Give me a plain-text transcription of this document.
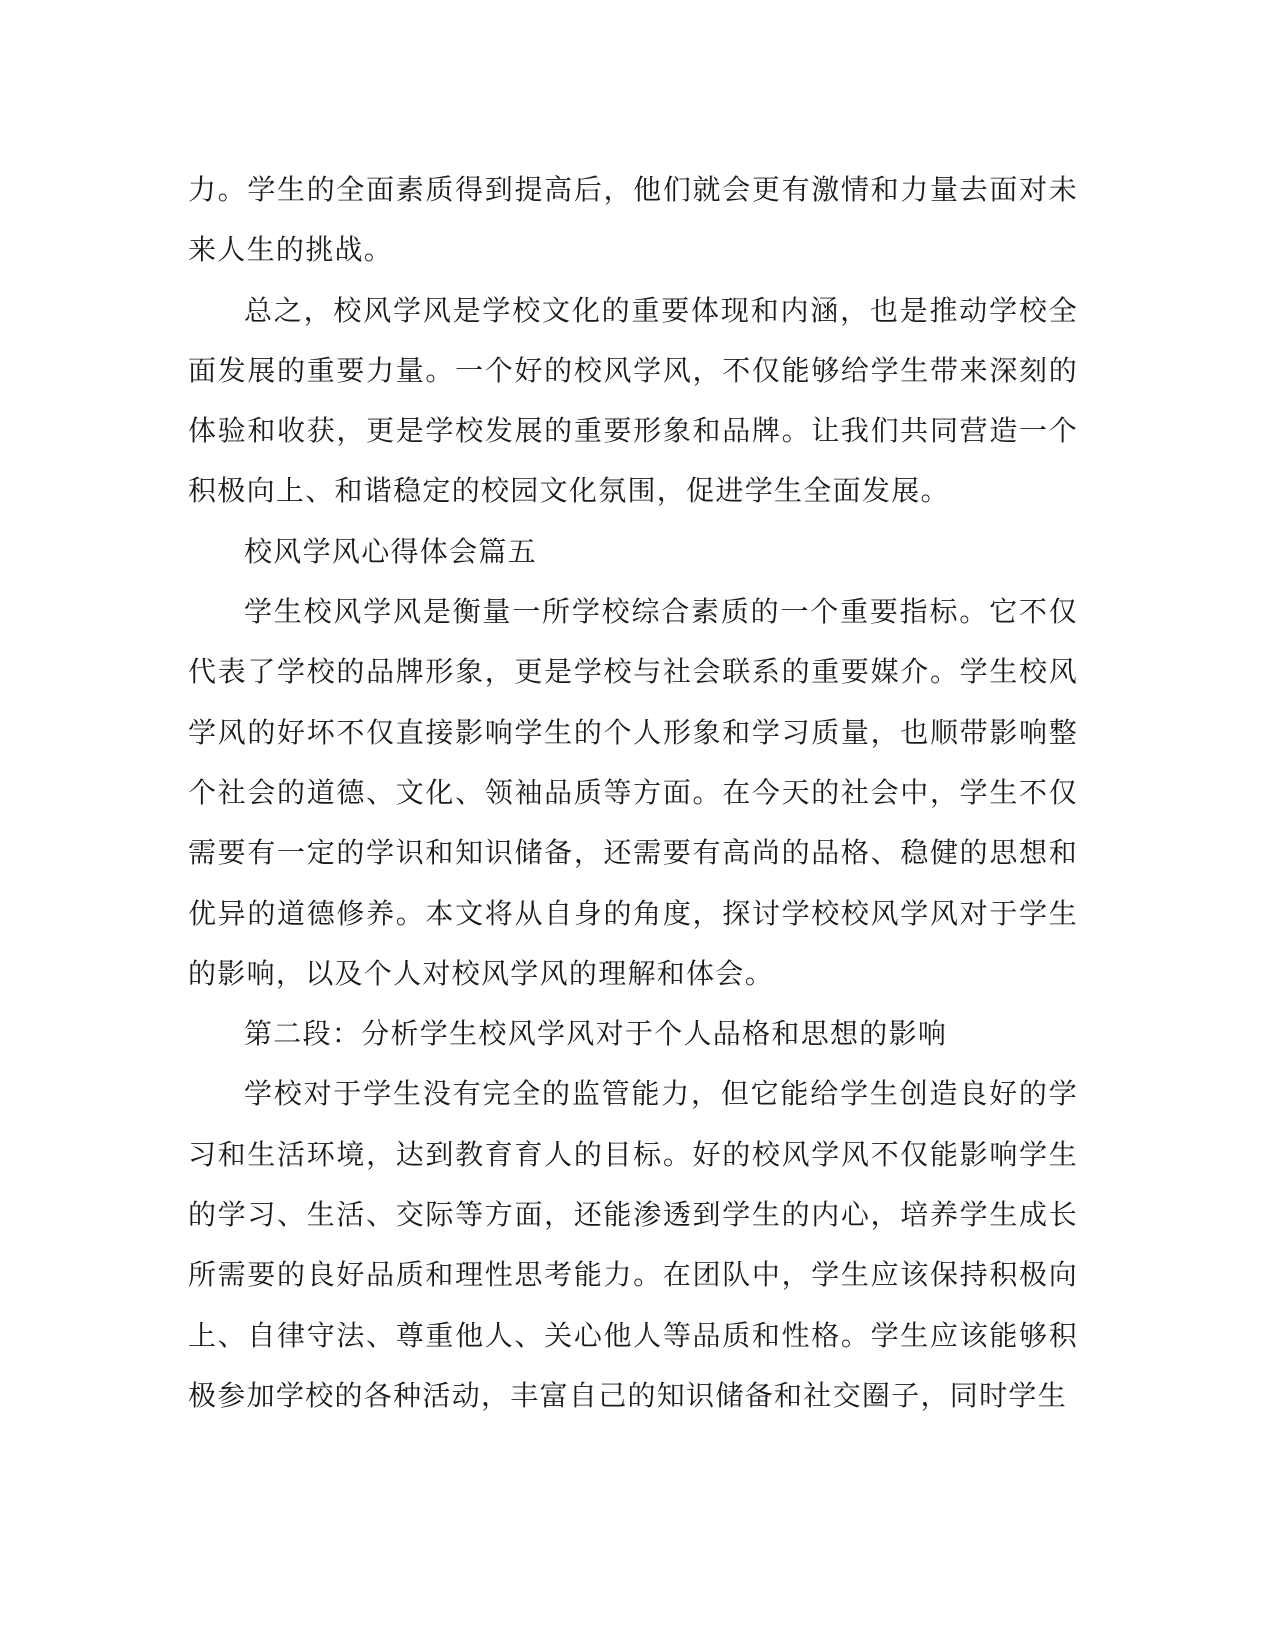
力。学生的全面素质得到提高后，他们就会更有激情和力量去面对未来人生的挑战。

总之，校风学风是学校文化的重要体现和内涵，也是推动学校全面发展的重要力量。一个好的校风学风，不仅能够给学生带来深刻的体验和收获，更是学校发展的重要形象和品牌。让我们共同营造一个积极向上、和谐稳定的校园文化氛围，促进学生全面发展。

校风学风心得体会篇五

学生校风学风是衡量一所学校综合素质的一个重要指标。它不仅代表了学校的品牌形象，更是学校与社会联系的重要媒介。学生校风学风的好坏不仅直接影响学生的个人形象和学习质量，也顺带影响整个社会的道德、文化、领袖品质等方面。在今天的社会中，学生不仅需要有一定的学识和知识储备，还需要有高尚的品格、稳健的思想和优异的道德修养。本文将从自身的角度，探讨学校校风学风对于学生的影响，以及个人对校风学风的理解和体会。

第二段：分析学生校风学风对于个人品格和思想的影响

学校对于学生没有完全的监管能力，但它能给学生创造良好的学习和生活环境，达到教育育人的目标。好的校风学风不仅能影响学生的学习、生活、交际等方面，还能渗透到学生的内心，培养学生成长所需要的良好品质和理性思考能力。在团队中，学生应该保持积极向上、自律守法、尊重他人、关心他人等品质和性格。学生应该能够积极参加学校的各种活动，丰富自己的知识储备和社交圈子，同时学生
